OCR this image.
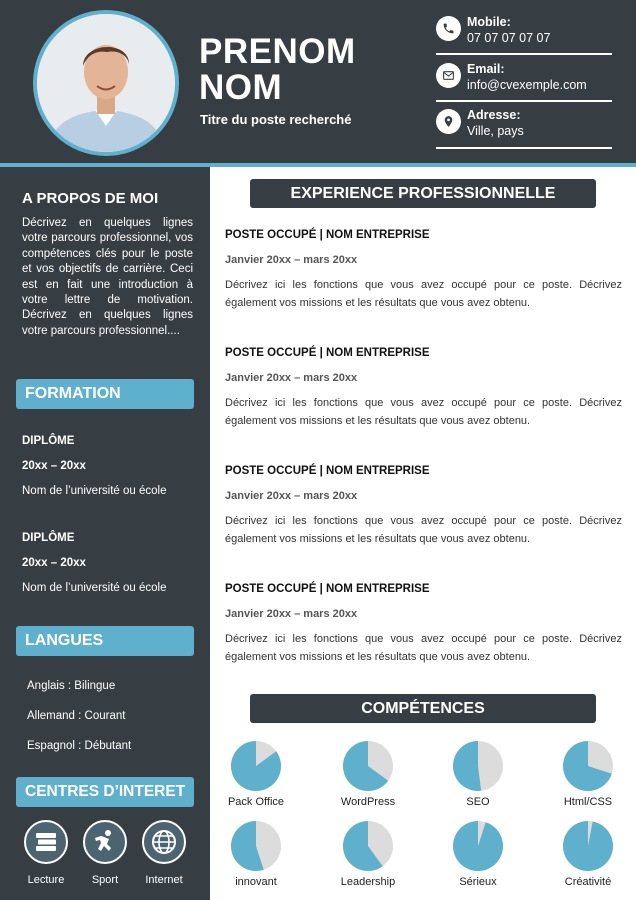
PRENOM
NOM
Titre du poste recherché
Mobile:
07 07 07 07 07
Email:
info@cvexemple.com
Adresse:
Ville, pays
A PROPOS DE MOI
Décrivez en quelques lignes votre parcours professionnel, vos compétences clés pour le poste et vos objectifs de carrière. Ceci est en fait une introduction à votre lettre de motivation. Décrivez en quelques lignes votre parcours professionnel....
FORMATION
DIPLÔME
20xx – 20xx
Nom de l’université ou école
DIPLÔME
20xx – 20xx
Nom de l’université ou école
LANGUES
Anglais : Bilingue
Allemand : Courant
Espagnol : Débutant
CENTRES D’INTERET
Lecture	Sport	Internet
EXPERIENCE PROFESSIONNELLE
POSTE OCCUPÉ | NOM ENTREPRISE
Janvier 20xx – mars 20xx
Décrivez ici les fonctions que vous avez occupé pour ce poste. Décrivez également vos missions et les résultats que vous avez obtenu.
POSTE OCCUPÉ | NOM ENTREPRISE
Janvier 20xx – mars 20xx
Décrivez ici les fonctions que vous avez occupé pour ce poste. Décrivez également vos missions et les résultats que vous avez obtenu.
POSTE OCCUPÉ | NOM ENTREPRISE
Janvier 20xx – mars 20xx
Décrivez ici les fonctions que vous avez occupé pour ce poste. Décrivez également vos missions et les résultats que vous avez obtenu.
POSTE OCCUPÉ | NOM ENTREPRISE
Janvier 20xx – mars 20xx
Décrivez ici les fonctions que vous avez occupé pour ce poste. Décrivez également vos missions et les résultats que vous avez obtenu.
COMPÉTENCES
Pack Office	WordPress	SEO	Html/CSS
innovant	Leadership	Sérieux	Créativité
